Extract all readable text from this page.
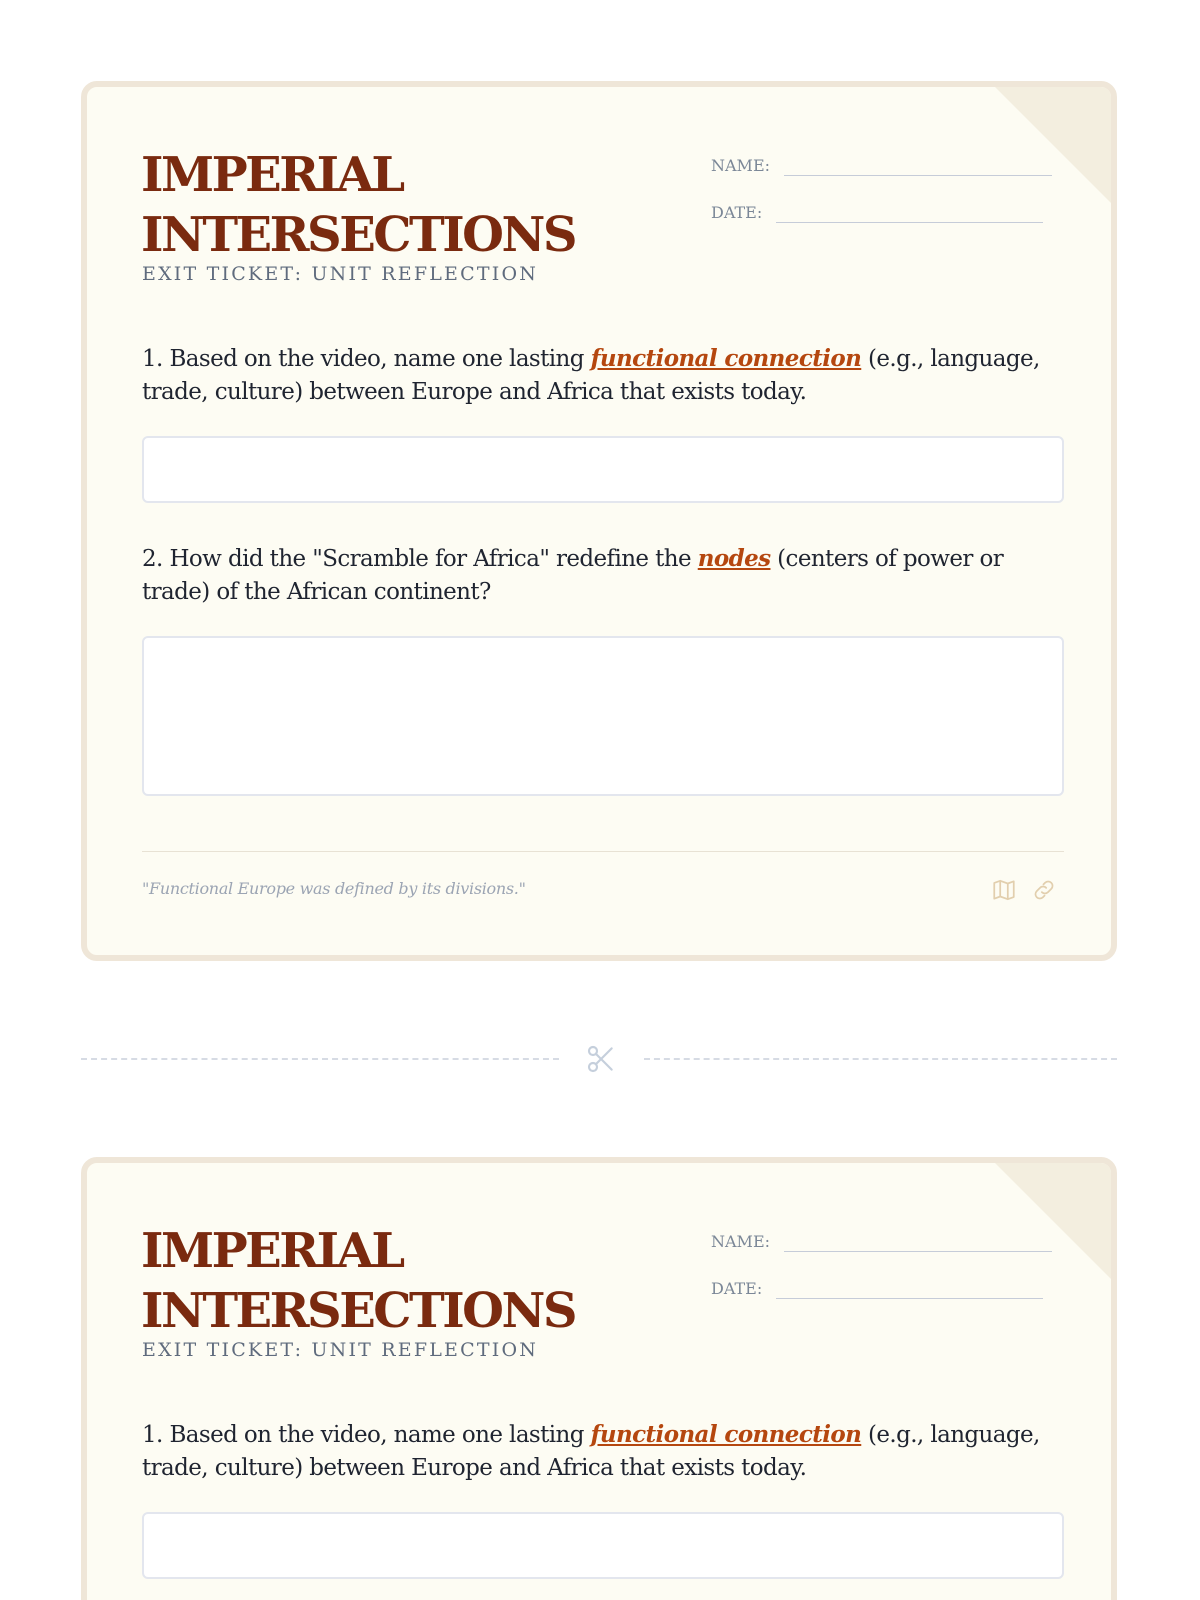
IMPERIAL
INTERSECTIONS
EXIT TICKET: UNIT REFLECTION
NAME:
DATE:

1. Based on the video, name one lasting functional connection (e.g., language, trade, culture) between Europe and Africa that exists today.

2. How did the "Scramble for Africa" redefine the nodes (centers of power or trade) of the African continent?

"Functional Europe was defined by its divisions."
IMPERIAL
INTERSECTIONS
EXIT TICKET: UNIT REFLECTION
NAME:
DATE:

1. Based on the video, name one lasting functional connection (e.g., language, trade, culture) between Europe and Africa that exists today.
